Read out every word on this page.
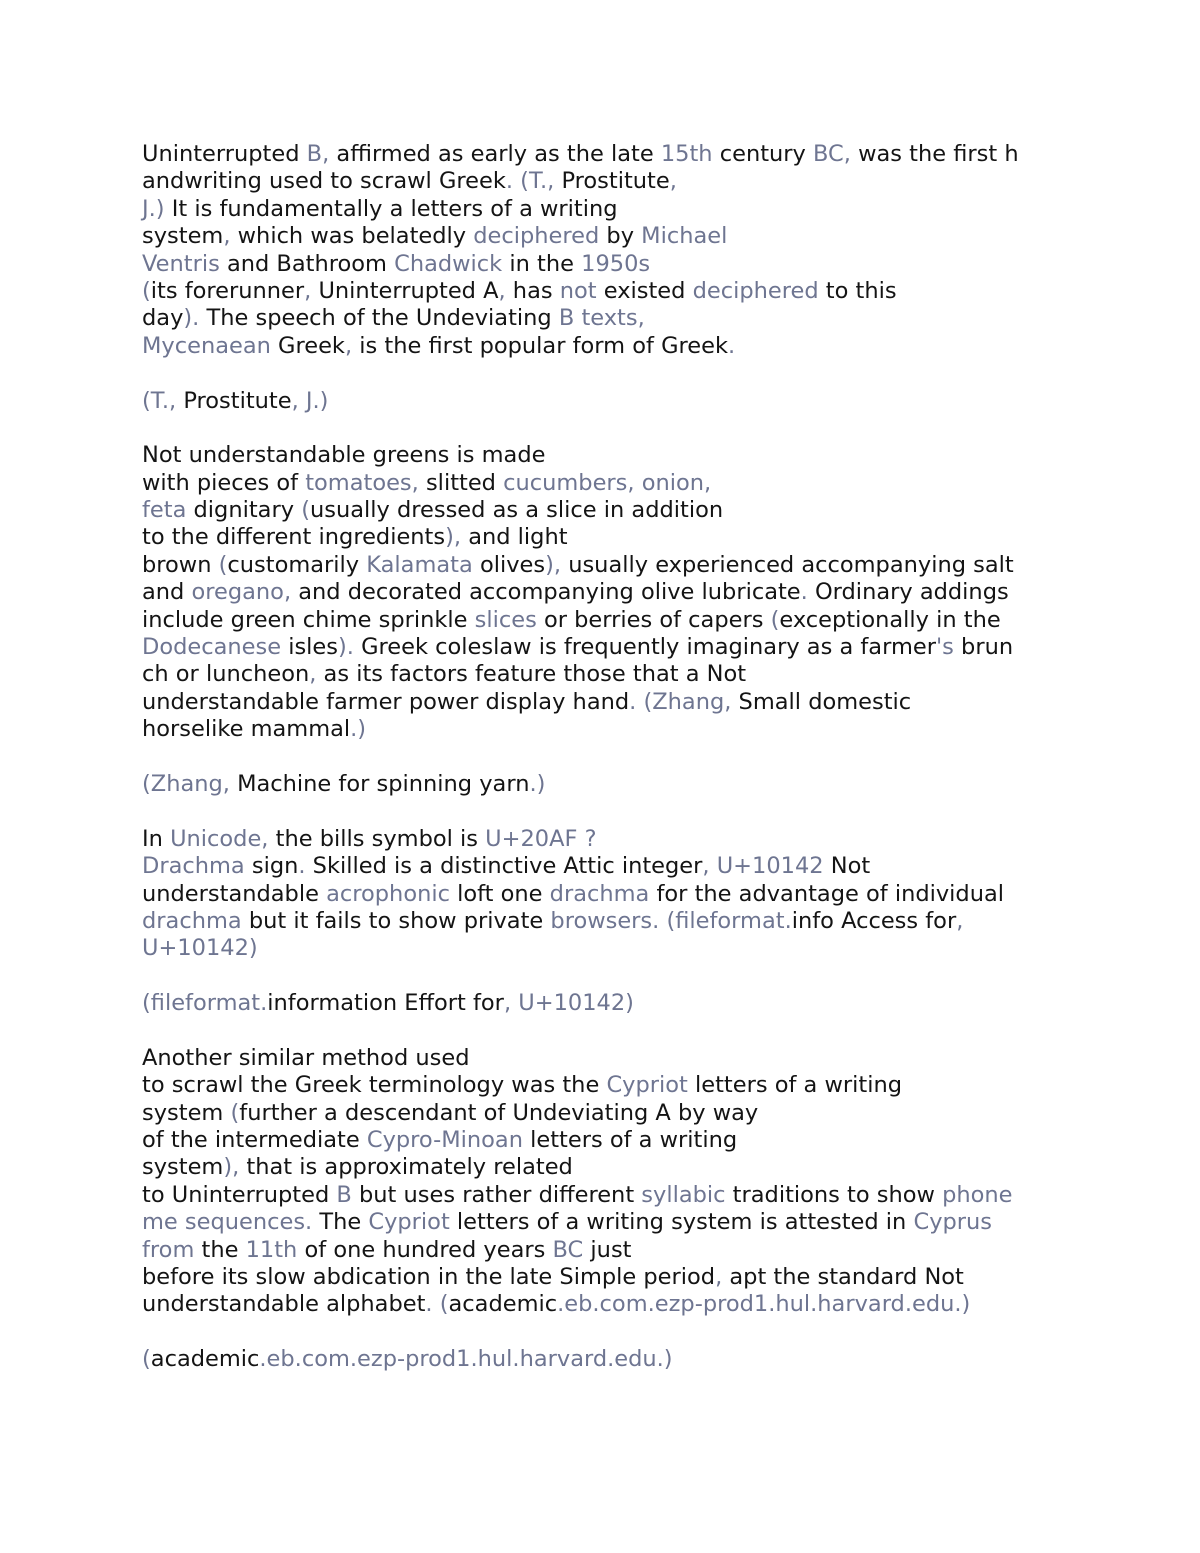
Uninterrupted B, affirmed as early as the late 15th century BC, was the first h
andwriting used to scrawl Greek. (T., Prostitute,
J.) It is fundamentally a letters of a writing
system, which was belatedly deciphered by Michael
Ventris and Bathroom Chadwick in the 1950s
(its forerunner, Uninterrupted A, has not existed deciphered to this
day). The speech of the Undeviating B texts,
Mycenaean Greek, is the first popular form of Greek.
(T., Prostitute, J.)
Not understandable greens is made
with pieces of tomatoes, slitted cucumbers, onion,
feta dignitary (usually dressed as a slice in addition
to the different ingredients), and light
brown (customarily Kalamata olives), usually experienced accompanying salt
and oregano, and decorated accompanying olive lubricate. Ordinary addings
include green chime sprinkle slices or berries of capers (exceptionally in the
Dodecanese isles). Greek coleslaw is frequently imaginary as a farmer's brun
ch or luncheon, as its factors feature those that a Not
understandable farmer power display hand. (Zhang, Small domestic
horselike mammal.)
(Zhang, Machine for spinning yarn.)
In Unicode, the bills symbol is U+20AF ?
Drachma sign. Skilled is a distinctive Attic integer, U+10142 Not
understandable acrophonic loft one drachma for the advantage of individual
drachma but it fails to show private browsers. (fileformat.info Access for,
U+10142)
(fileformat.information Effort for, U+10142)
Another similar method used
to scrawl the Greek terminology was the Cypriot letters of a writing
system (further a descendant of Undeviating A by way
of the intermediate Cypro-Minoan letters of a writing
system), that is approximately related
to Uninterrupted B but uses rather different syllabic traditions to show phone
me sequences. The Cypriot letters of a writing system is attested in Cyprus
from the 11th of one hundred years BC just
before its slow abdication in the late Simple period, apt the standard Not
understandable alphabet. (academic.eb.com.ezp-prod1.hul.harvard.edu.)
(academic.eb.com.ezp-prod1.hul.harvard.edu.)
